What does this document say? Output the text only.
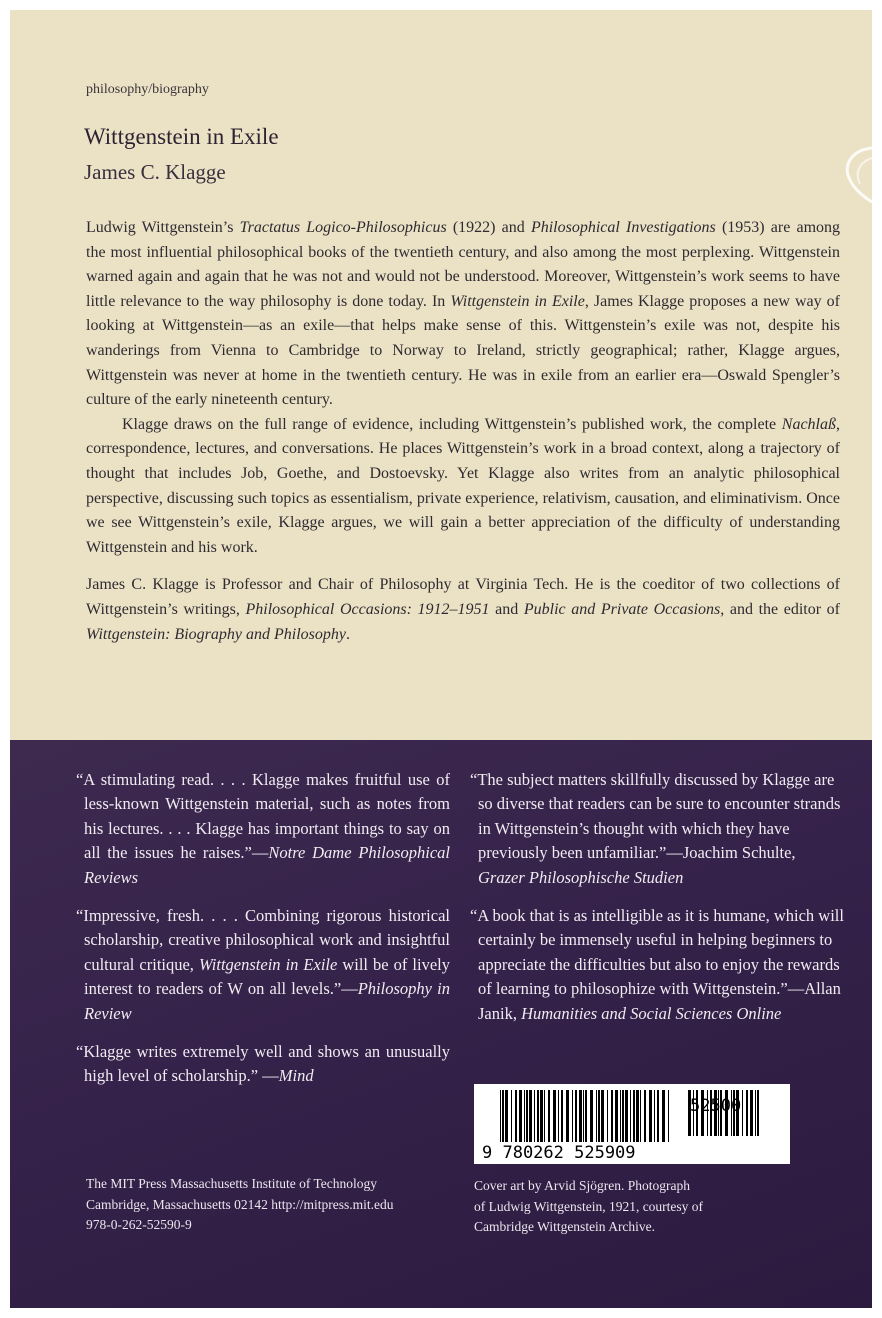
philosophy/biography
Wittgenstein in Exile
James C. Klagge

Ludwig Wittgenstein’s Tractatus Logico-Philosophicus (1922) and Philosophical Investigations (1953) are among the most influential philosophical books of the twentieth century, and also among the most perplexing. Wittgenstein warned again and again that he was not and would not be understood. Moreover, Wittgenstein’s work seems to have little relevance to the way philosophy is done today. In Wittgenstein in Exile, James Klagge proposes a new way of looking at Wittgenstein—as an exile—that helps make sense of this. Wittgenstein’s exile was not, despite his wanderings from Vienna to Cambridge to Norway to Ireland, strictly geographical; rather, Klagge argues, Wittgenstein was never at home in the twentieth century. He was in exile from an earlier era—Oswald Spengler’s culture of the early nineteenth century.

Klagge draws on the full range of evidence, including Wittgenstein’s published work, the complete Nachlaß, correspondence, lectures, and conversations. He places Wittgenstein’s work in a broad context, along a trajectory of thought that includes Job, Goethe, and Dostoevsky. Yet Klagge also writes from an analytic philosophical perspective, discussing such topics as essentialism, private experience, relativism, causation, and eliminativism. Once we see Wittgenstein’s exile, Klagge argues, we will gain a better appreciation of the difficulty of understanding Wittgenstein and his work.

James C. Klagge is Professor and Chair of Philosophy at Virginia Tech. He is the coeditor of two collections of Wittgenstein’s writings, Philosophical Occasions: 1912–1951 and Public and Private Occasions, and the editor of Wittgenstein: Biography and Philosophy.

“A stimulating read. . . . Klagge makes fruitful use of less-known Wittgenstein material, such as notes from his lectures. . . . Klagge has important things to say on all the issues he raises.”—Notre Dame Philosophical Reviews

“Impressive, fresh. . . . Combining rigorous historical scholarship, creative philosophical work and insightful cultural critique, Wittgenstein in Exile will be of lively interest to readers of W on all levels.”—Philosophy in Review

“Klagge writes extremely well and shows an unusually high level of scholarship.” —Mind

“The subject matters skillfully discussed by Klagge are so diverse that readers can be sure to encounter strands in Wittgenstein’s thought with which they have previously been unfamiliar.”—Joachim Schulte, Grazer Philosophische Studien

“A book that is as intelligible as it is humane, which will certainly be immensely useful in helping beginners to appreciate the difficulties but also to enjoy the rewards of learning to philosophize with Wittgenstein.”—Allan Janik, Humanities and Social Sciences Online

9 780262 525909
52500
The MIT Press Massachusetts Institute of Technology
Cambridge, Massachusetts 02142 http://mitpress.mit.edu
978-0-262-52590-9
Cover art by Arvid Sjögren. Photograph
of Ludwig Wittgenstein, 1921, courtesy of
Cambridge Wittgenstein Archive.
